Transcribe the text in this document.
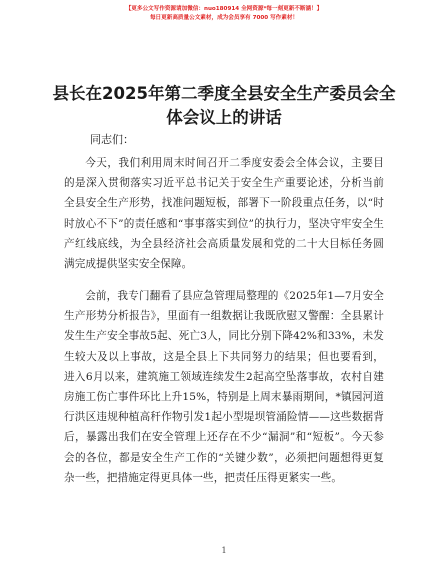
【更多公文写作资源请加微信：nuo180914 全网资源*每一刻更新不断涵！】
每日更新高质量公文素材，成为会员享有 7000 写作素材！
县长在2025年第二季度全县安全生产委员会全体会议上的讲话
同志们：
今天，我们利用周末时间召开二季度安委会全体会议，主要目的是深入贯彻落实习近平总书记关于安全生产重要论述，分析当前全县安全生产形势，找准问题短板，部署下一阶段重点任务，以“时时放心不下”的责任感和“事事落实到位”的执行力，坚决守牢安全生产红线底线，为全县经济社会高质量发展和党的二十大目标任务圆满完成提供坚实安全保障。
会前，我专门翻看了县应急管理局整理的《2025年1—7月安全生产形势分析报告》，里面有一组数据让我既欣慰又警醒：全县累计发生生产安全事故5起、死亡3人，同比分别下降42%和33%，未发生较大及以上事故，这是全县上下共同努力的结果；但也要看到，进入6月以来，建筑施工领域连续发生2起高空坠落事故，农村自建房施工伤亡事件环比上升15%，特别是上周末暴雨期间，*镇园河道行洪区违规种植高秆作物引发1起小型堤坝管涌险情——这些数据背后，暴露出我们在安全管理上还存在不少“漏洞”和“短板”。今天参会的各位，都是安全生产工作的“关键少数”，必须把问题想得更复杂一些，把措施定得更具体一些，把责任压得更紧实一些。
1
